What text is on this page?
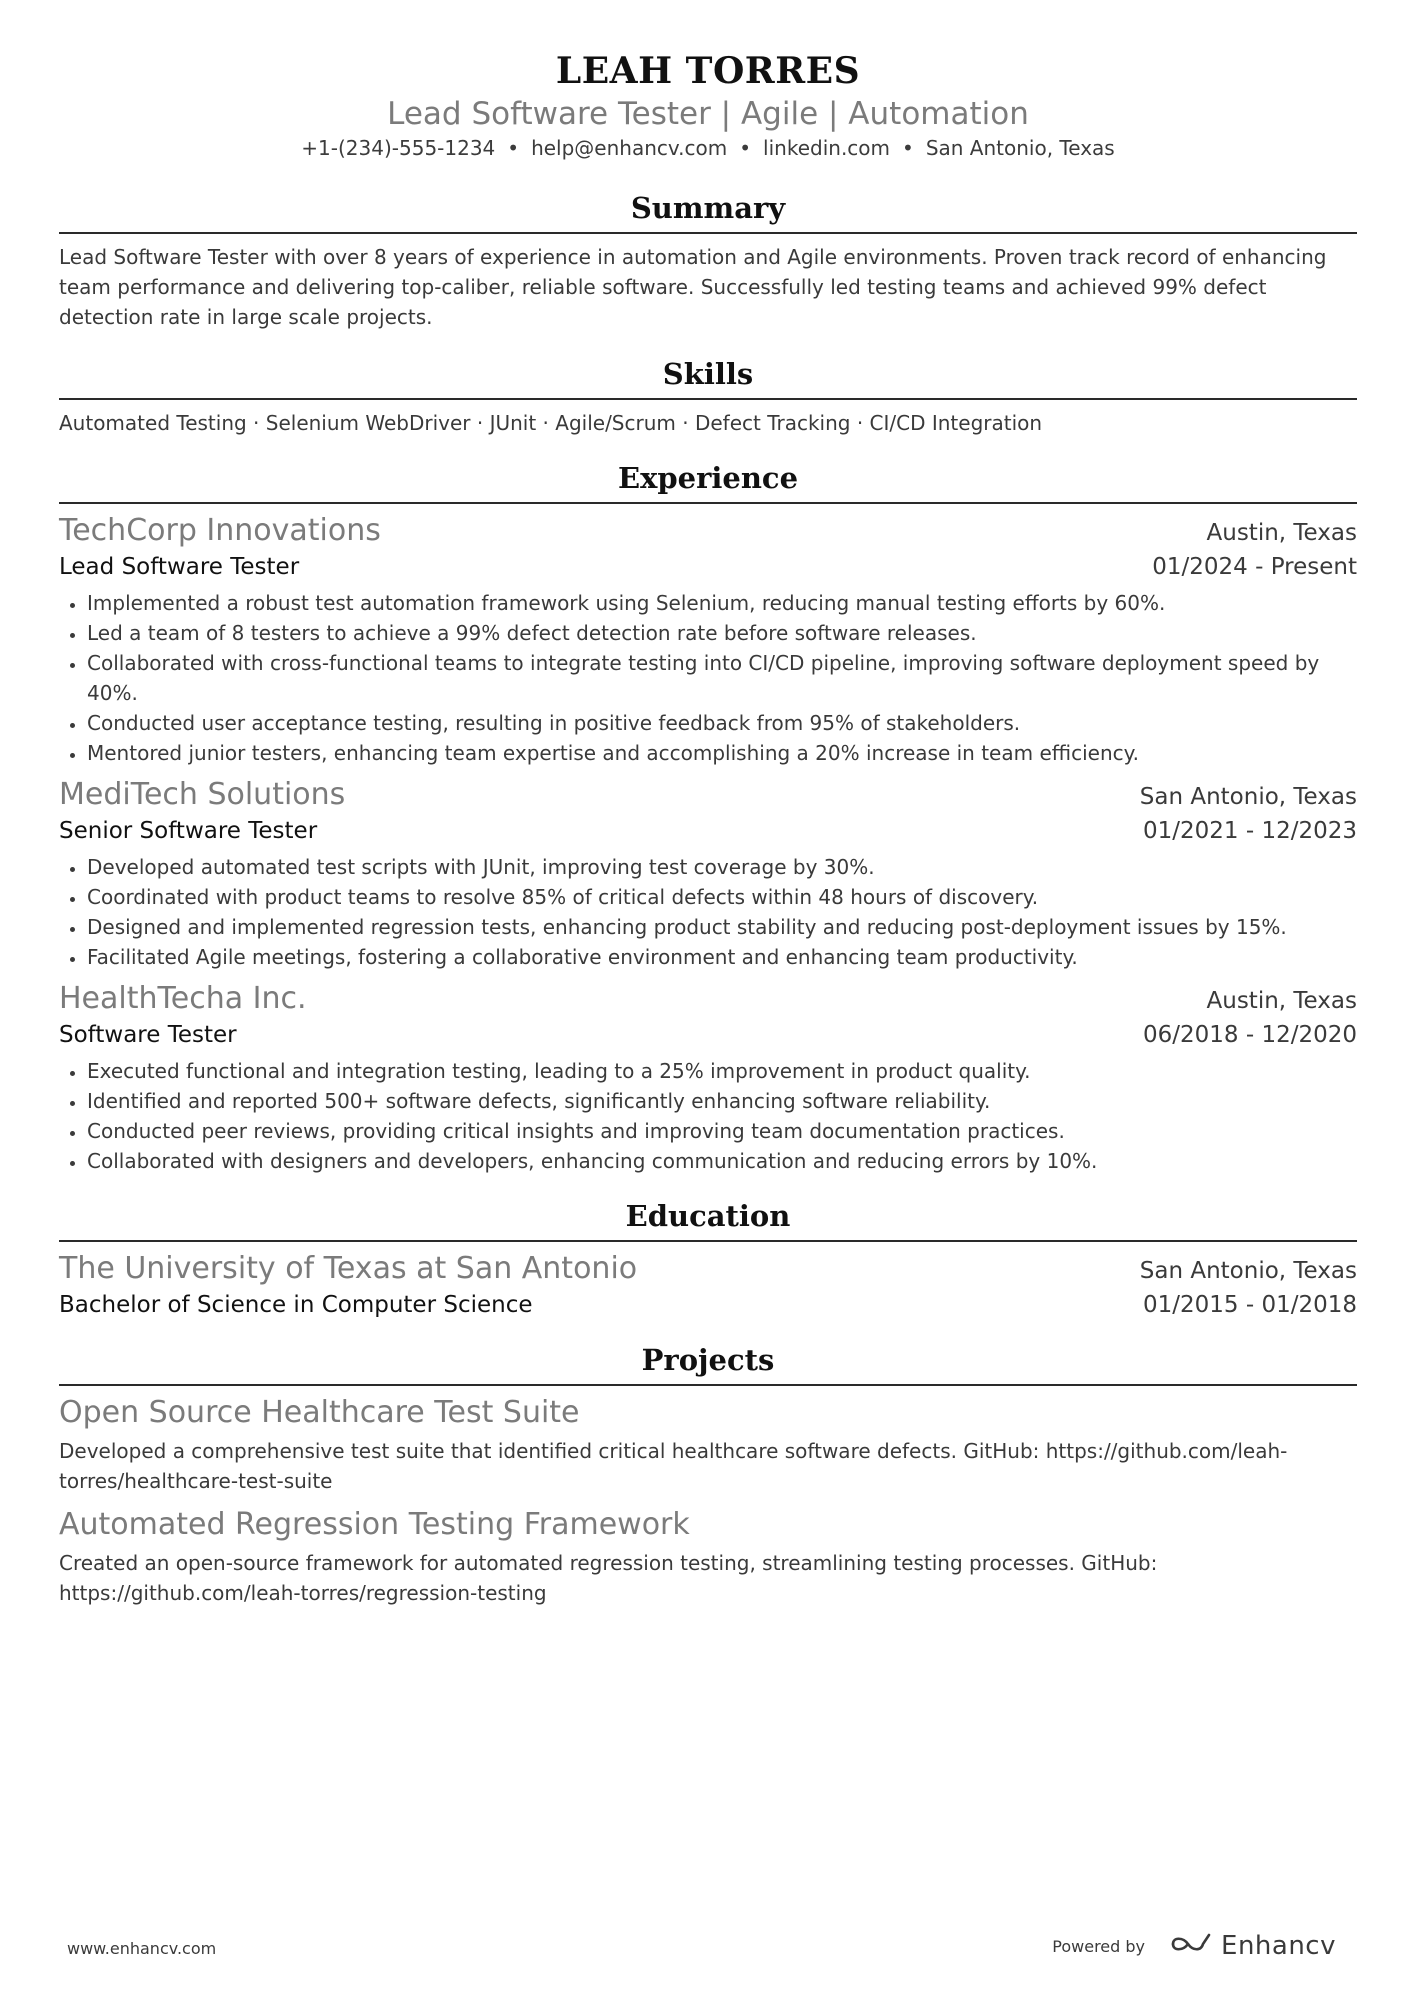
LEAH TORRES
Lead Software Tester | Agile | Automation
+1-(234)-555-1234 • help@enhancv.com • linkedin.com • San Antonio, Texas
Summary
Lead Software Tester with over 8 years of experience in automation and Agile environments. Proven track record of enhancing team performance and delivering top-caliber, reliable software. Successfully led testing teams and achieved 99% defect detection rate in large scale projects.
Skills
Automated Testing · Selenium WebDriver · JUnit · Agile/Scrum · Defect Tracking · CI/CD Integration
Experience
TechCorp Innovations	Austin, Texas
Lead Software Tester	01/2024 - Present
• Implemented a robust test automation framework using Selenium, reducing manual testing efforts by 60%.
• Led a team of 8 testers to achieve a 99% defect detection rate before software releases.
• Collaborated with cross-functional teams to integrate testing into CI/CD pipeline, improving software deployment speed by 40%.
• Conducted user acceptance testing, resulting in positive feedback from 95% of stakeholders.
• Mentored junior testers, enhancing team expertise and accomplishing a 20% increase in team efficiency.
MediTech Solutions	San Antonio, Texas
Senior Software Tester	01/2021 - 12/2023
• Developed automated test scripts with JUnit, improving test coverage by 30%.
• Coordinated with product teams to resolve 85% of critical defects within 48 hours of discovery.
• Designed and implemented regression tests, enhancing product stability and reducing post-deployment issues by 15%.
• Facilitated Agile meetings, fostering a collaborative environment and enhancing team productivity.
HealthTecha Inc.	Austin, Texas
Software Tester	06/2018 - 12/2020
• Executed functional and integration testing, leading to a 25% improvement in product quality.
• Identified and reported 500+ software defects, significantly enhancing software reliability.
• Conducted peer reviews, providing critical insights and improving team documentation practices.
• Collaborated with designers and developers, enhancing communication and reducing errors by 10%.
Education
The University of Texas at San Antonio	San Antonio, Texas
Bachelor of Science in Computer Science	01/2015 - 01/2018
Projects
Open Source Healthcare Test Suite
Developed a comprehensive test suite that identified critical healthcare software defects. GitHub: https://github.com/leah-torres/healthcare-test-suite
Automated Regression Testing Framework
Created an open-source framework for automated regression testing, streamlining testing processes. GitHub: https://github.com/leah-torres/regression-testing
www.enhancv.com	Powered by	Enhancv
